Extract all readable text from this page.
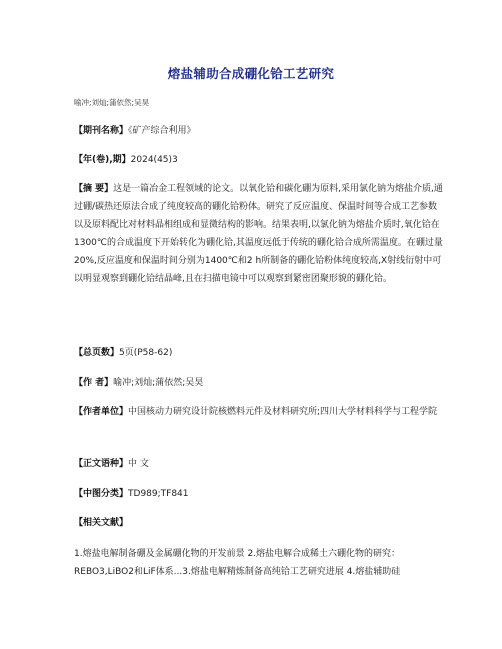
熔盐辅助合成硼化铪工艺研究
喻冲;刘灿;蒲依然;吴昊
【期刊名称】《矿产综合利用》
【年(卷),期】2024(45)3
【摘 要】这是一篇冶金工程领域的论文。以氧化铪和碳化硼为原料,采用氯化钠为熔盐介质,通过硼/碳热还原法合成了纯度较高的硼化铪粉体。研究了反应温度、保温时间等合成工艺参数以及原料配比对材料晶相组成和显微结构的影响。结果表明,以氯化钠为熔盐介质时,氧化铪在1300℃的合成温度下开始转化为硼化铪,其温度远低于传统的硼化铪合成所需温度。在硼过量20%,反应温度和保温时间分别为1400℃和2 h所制备的硼化铪粉体纯度较高,X射线衍射中可以明显观察到硼化铪结晶峰,且在扫描电镜中可以观察到紧密团聚形貌的硼化铪。
【总页数】5页(P58-62)
【作 者】喻冲;刘灿;蒲依然;吴昊
【作者单位】中国核动力研究设计院核燃料元件及材料研究所;四川大学材料科学与工程学院
【正文语种】中 文
【中图分类】TD989;TF841
【相关文献】
1.熔盐电解制备硼及金属硼化物的开发前景 2.熔盐电解合成稀土六硼化物的研究：REBO3,LiBO2和LiF体系...3.熔盐电解精炼制备高纯铪工艺研究进展 4.熔盐辅助硅
